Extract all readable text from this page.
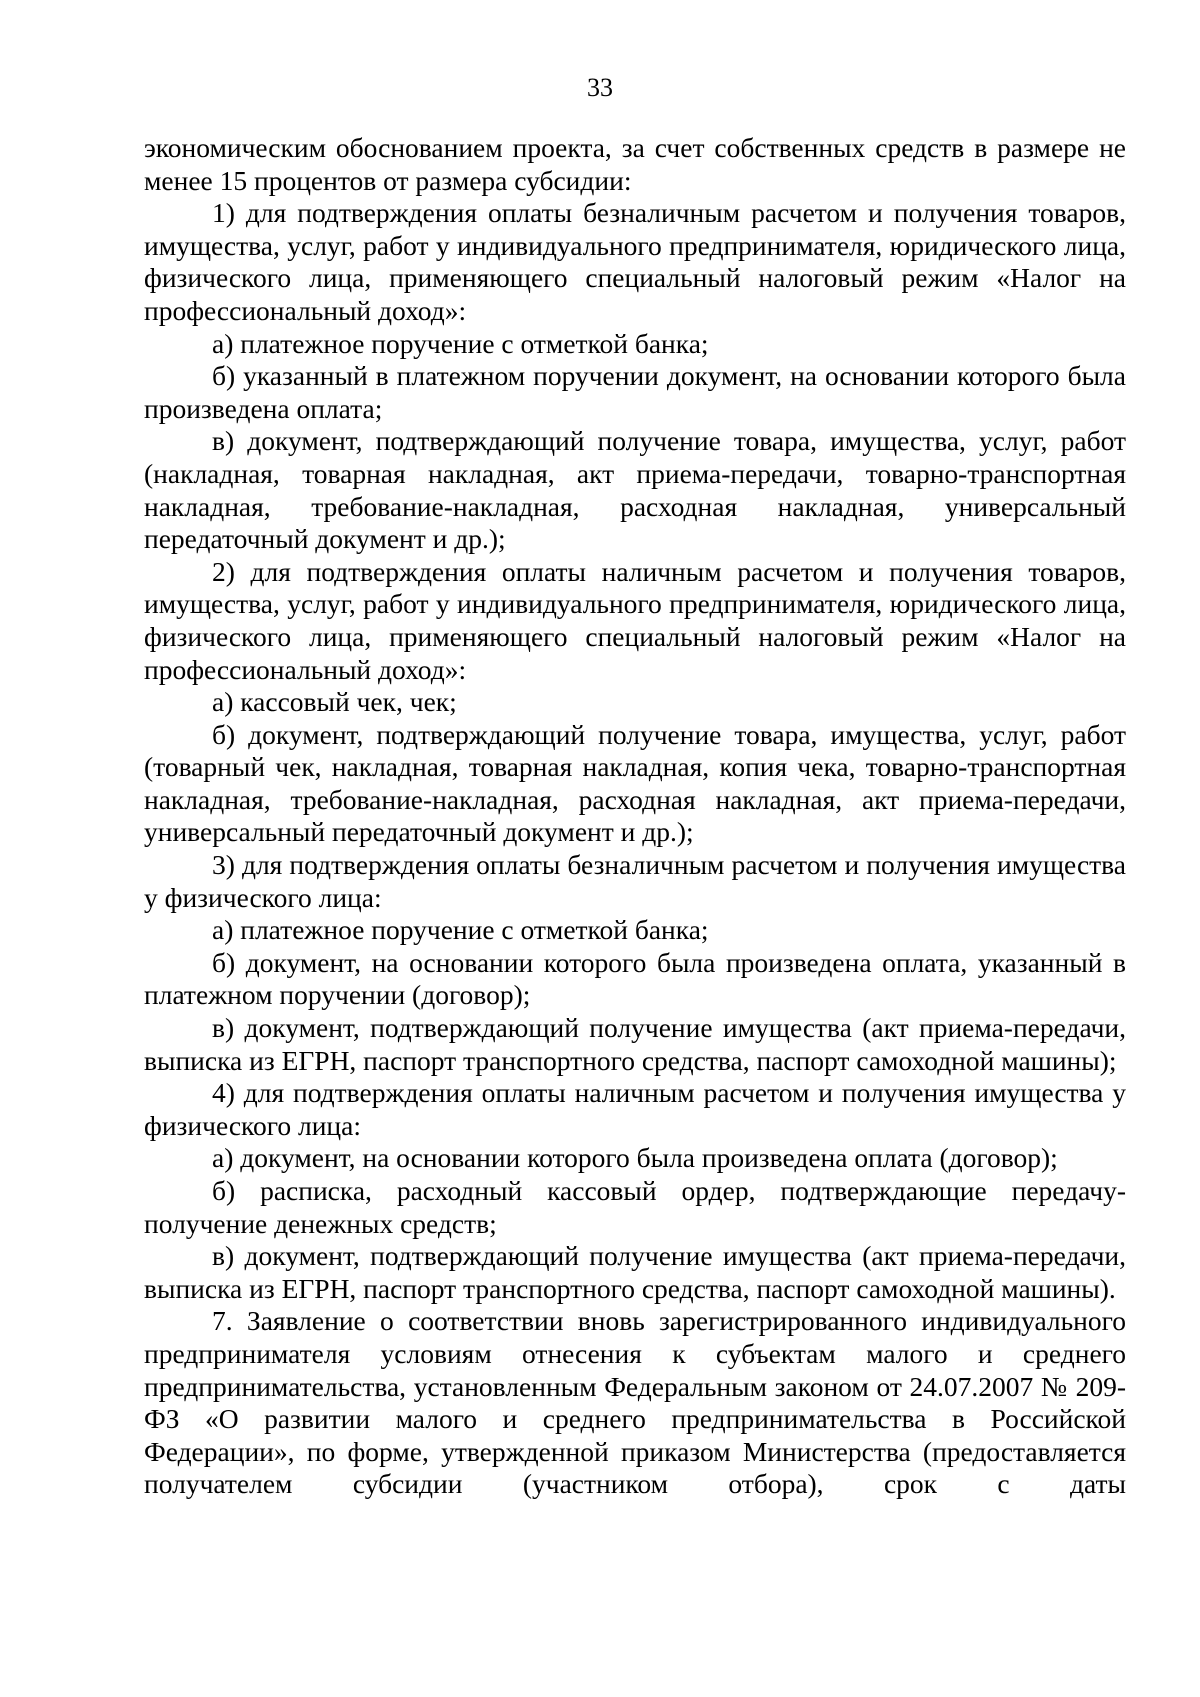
33

экономическим обоснованием проекта, за счет собственных средств в размере не менее 15 процентов от размера субсидии:

1) для подтверждения оплаты безналичным расчетом и получения товаров, имущества, услуг, работ у индивидуального предпринимателя, юридического лица, физического лица, применяющего специальный налоговый режим «Налог на профессиональный доход»:

а) платежное поручение с отметкой банка;

б) указанный в платежном поручении документ, на основании которого была произведена оплата;

в) документ, подтверждающий получение товара, имущества, услуг, работ (накладная, товарная накладная, акт приема-передачи, товарно-транспортная накладная, требование-накладная, расходная накладная, универсальный передаточный документ и др.);

2) для подтверждения оплаты наличным расчетом и получения товаров, имущества, услуг, работ у индивидуального предпринимателя, юридического лица, физического лица, применяющего специальный налоговый режим «Налог на профессиональный доход»:

а) кассовый чек, чек;

б) документ, подтверждающий получение товара, имущества, услуг, работ (товарный чек, накладная, товарная накладная, копия чека, товарно-транспортная накладная, требование-накладная, расходная накладная, акт приема-передачи, универсальный передаточный документ и др.);

3) для подтверждения оплаты безналичным расчетом и получения имущества у физического лица:

а) платежное поручение с отметкой банка;

б) документ, на основании которого была произведена оплата, указанный в платежном поручении (договор);

в) документ, подтверждающий получение имущества (акт приема-передачи, выписка из ЕГРН, паспорт транспортного средства, паспорт самоходной машины);

4) для подтверждения оплаты наличным расчетом и получения имущества у физического лица:

а) документ, на основании которого была произведена оплата (договор);

б) расписка, расходный кассовый ордер, подтверждающие передачу-получение денежных средств;

в) документ, подтверждающий получение имущества (акт приема-передачи, выписка из ЕГРН, паспорт транспортного средства, паспорт самоходной машины).

7. Заявление о соответствии вновь зарегистрированного индивидуального предпринимателя условиям отнесения к субъектам малого и среднего предпринимательства, установленным Федеральным законом от 24.07.2007 № 209-ФЗ «О развитии малого и среднего предпринимательства в Российской Федерации», по форме, утвержденной приказом Министерства (предоставляется получателем субсидии (участником отбора), срок с даты
